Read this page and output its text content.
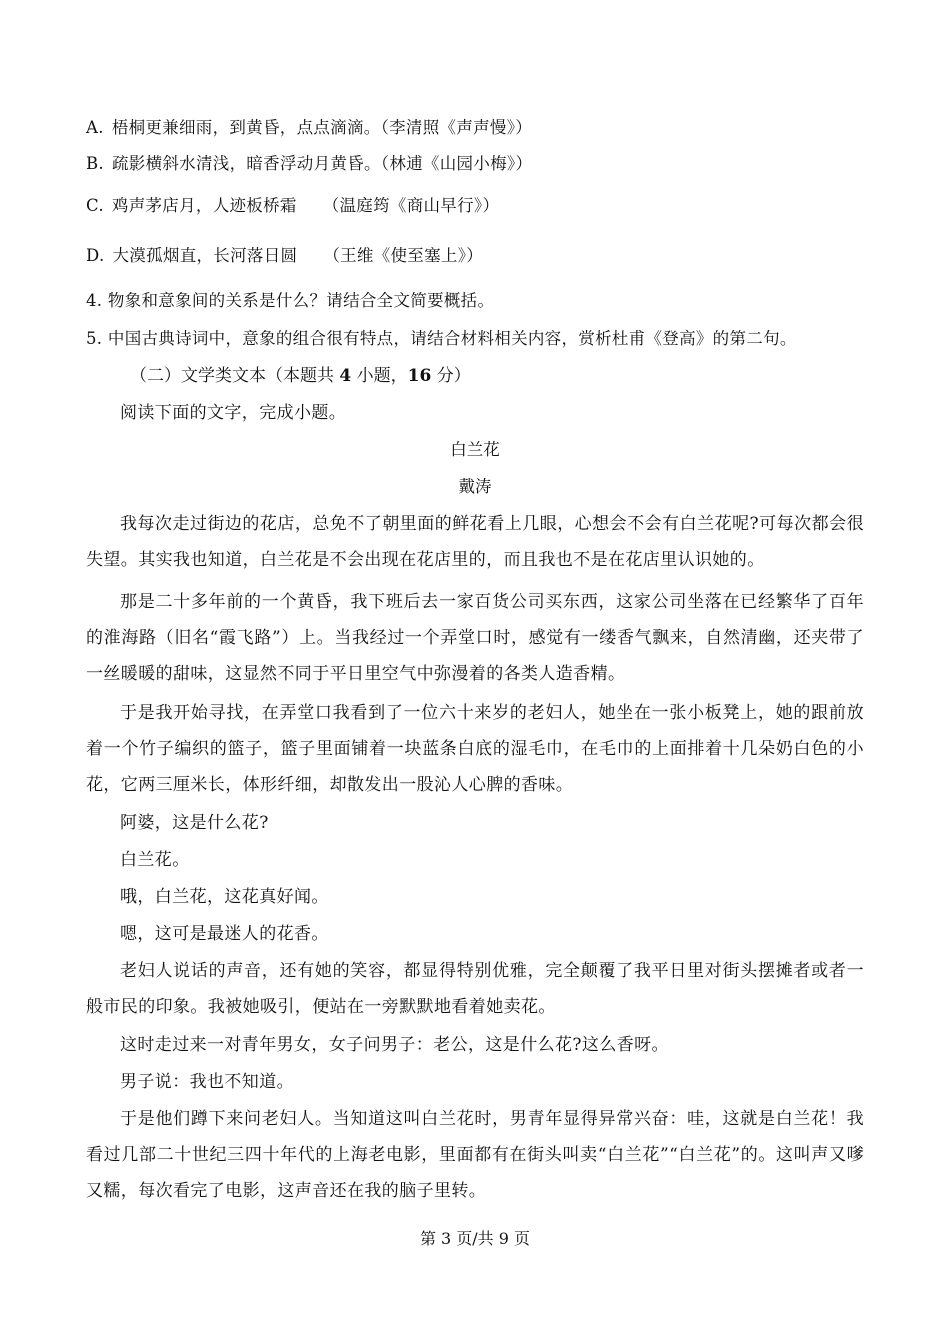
A. 梧桐更兼细雨，到黄昏，点点滴滴。（李清照《声声慢》）
B. 疏影横斜水清浅，暗香浮动月黄昏。（林逋《山园小梅》）
C. 鸡声茅店月，人迹板桥霜 （温庭筠《商山早行》）
D. 大漠孤烟直，长河落日圆 （王维《使至塞上》）
4. 物象和意象间的关系是什么？请结合全文简要概括。
5. 中国古典诗词中，意象的组合很有特点，请结合材料相关内容，赏析杜甫《登高》的第二句。
（二）文学类文本（本题共 4 小题，16 分）
阅读下面的文字，完成小题。
白兰花
戴涛
我每次走过街边的花店，总免不了朝里面的鲜花看上几眼，心想会不会有白兰花呢?可每次都会很失望。其实我也知道，白兰花是不会出现在花店里的，而且我也不是在花店里认识她的。
那是二十多年前的一个黄昏，我下班后去一家百货公司买东西，这家公司坐落在已经繁华了百年的淮海路（旧名“霞飞路”）上。当我经过一个弄堂口时，感觉有一缕香气飘来，自然清幽，还夹带了一丝暖暖的甜味，这显然不同于平日里空气中弥漫着的各类人造香精。
于是我开始寻找，在弄堂口我看到了一位六十来岁的老妇人，她坐在一张小板凳上，她的跟前放着一个竹子编织的篮子，篮子里面铺着一块蓝条白底的湿毛巾，在毛巾的上面排着十几朵奶白色的小花，它两三厘米长，体形纤细，却散发出一股沁人心脾的香味。
阿婆，这是什么花?
白兰花。
哦，白兰花，这花真好闻。
嗯，这可是最迷人的花香。
老妇人说话的声音，还有她的笑容，都显得特别优雅，完全颠覆了我平日里对街头摆摊者或者一般市民的印象。我被她吸引，便站在一旁默默地看着她卖花。
这时走过来一对青年男女，女子问男子：老公，这是什么花?这么香呀。
男子说：我也不知道。
于是他们蹲下来问老妇人。当知道这叫白兰花时，男青年显得异常兴奋：哇，这就是白兰花！我看过几部二十世纪三四十年代的上海老电影，里面都有在街头叫卖“白兰花”“白兰花”的。这叫声又嗲又糯，每次看完了电影，这声音还在我的脑子里转。
第 3 页/共 9 页
